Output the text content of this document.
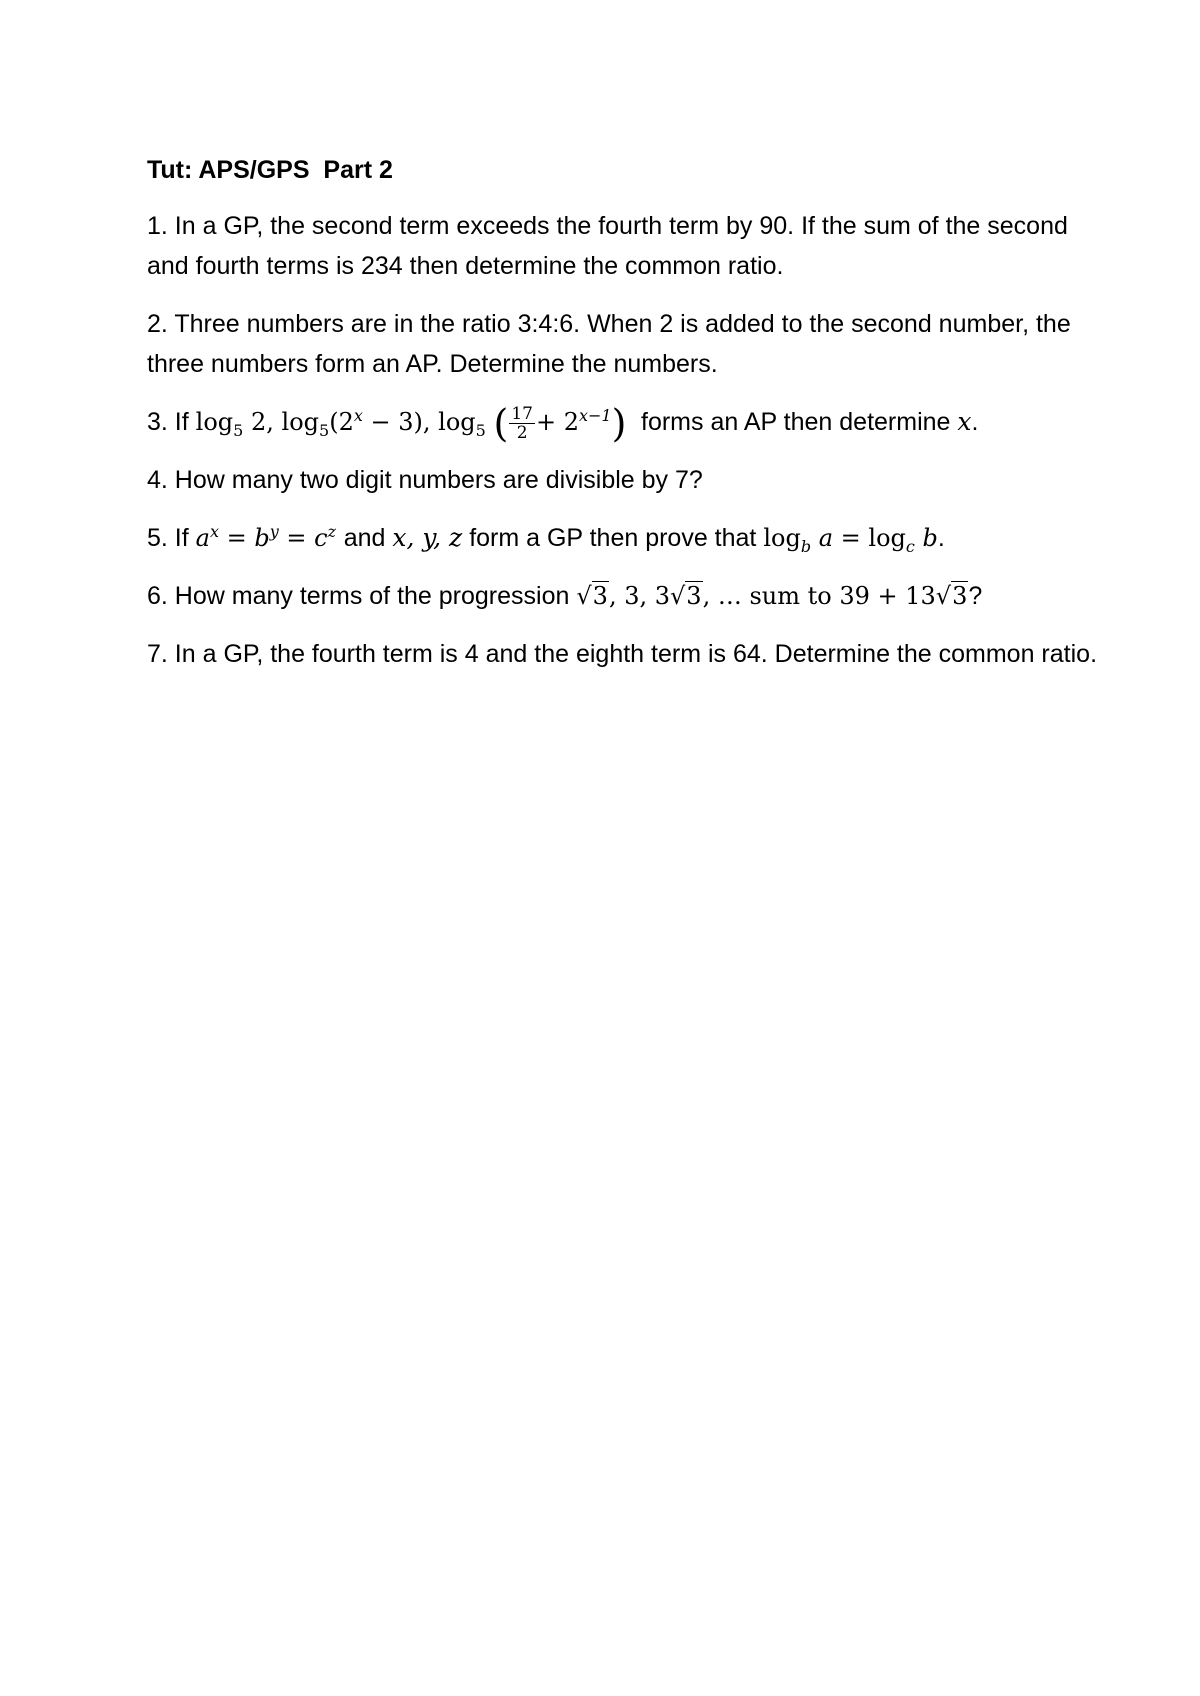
Tut: APS/GPS  Part 2
1. In a GP, the second term exceeds the fourth term by 90. If the sum of the second and fourth terms is 234 then determine the common ratio.
2. Three numbers are in the ratio 3:4:6. When 2 is added to the second number, the three numbers form an AP. Determine the numbers.
3. If $\log_5 2$, $\log_5(2^x - 3)$, $\log_5$ ( $\frac{17}{2} + 2^{x-1}$) forms an AP then determine x.
4. How many two digit numbers are divisible by 7?
5. If $a^x = b^y = c^z$ and x, y, z form a GP then prove that $\log_b a = \log_c b$.
6. How many terms of the progression √3, 3, 3√3, … sum to 39 + 13√3?
7. In a GP, the fourth term is 4 and the eighth term is 64. Determine the common ratio.
